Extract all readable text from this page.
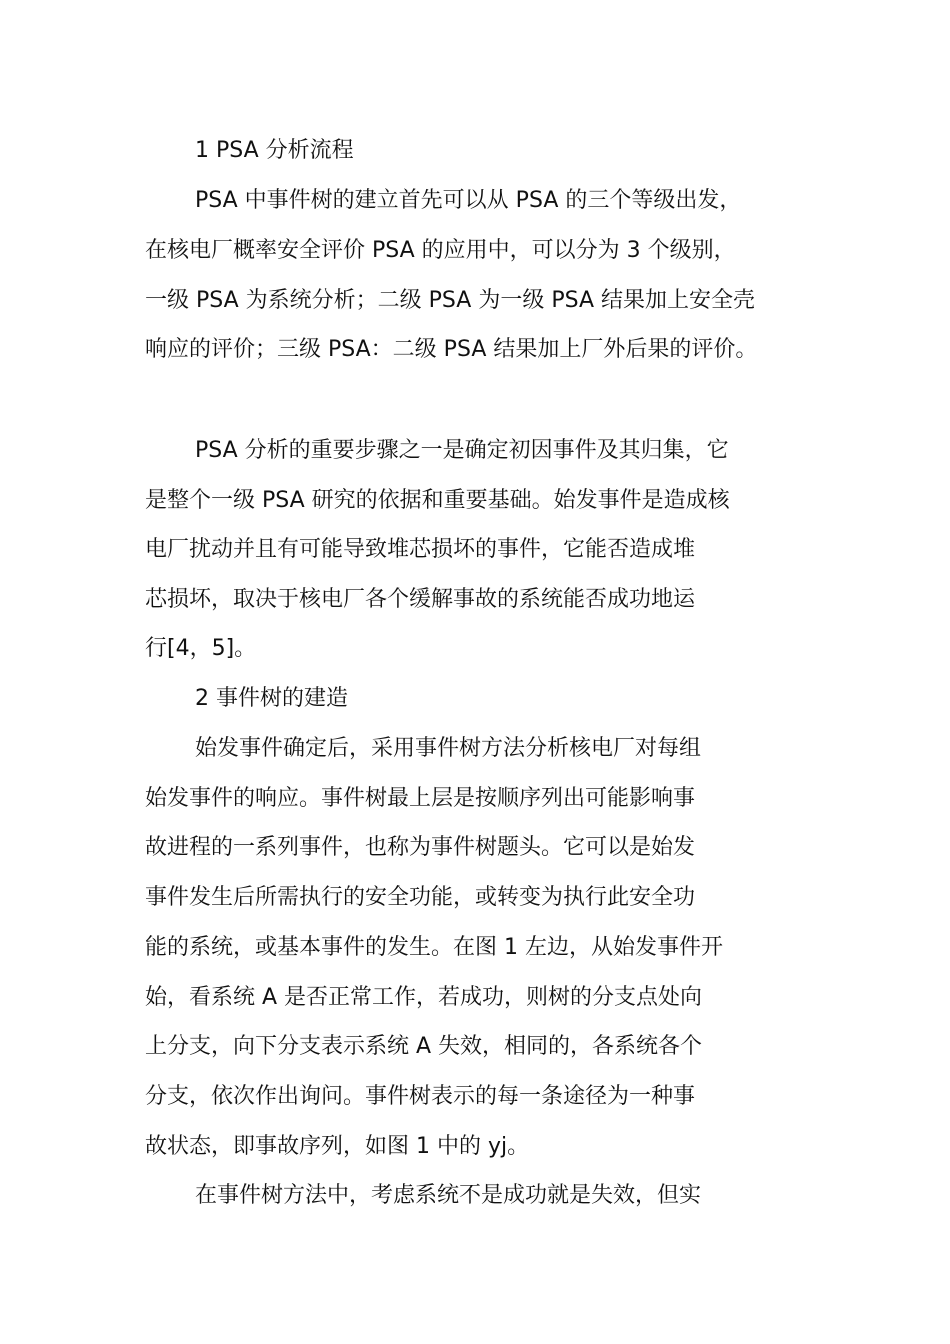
1 PSA 分析流程
PSA 中事件树的建立首先可以从 PSA 的三个等级出发，
在核电厂概率安全评价 PSA 的应用中，可以分为 3 个级别，
一级 PSA 为系统分析；二级 PSA 为一级 PSA 结果加上安全壳
响应的评价；三级 PSA：二级 PSA 结果加上厂外后果的评价。
PSA 分析的重要步骤之一是确定初因事件及其归集，它
是整个一级 PSA 研究的依据和重要基础。始发事件是造成核
电厂扰动并且有可能导致堆芯损坏的事件，它能否造成堆
芯损坏，取决于核电厂各个缓解事故的系统能否成功地运
行[4，5]。
2 事件树的建造
始发事件确定后，采用事件树方法分析核电厂对每组
始发事件的响应。事件树最上层是按顺序列出可能影响事
故进程的一系列事件，也称为事件树题头。它可以是始发
事件发生后所需执行的安全功能，或转变为执行此安全功
能的系统，或基本事件的发生。在图 1 左边，从始发事件开
始，看系统 A 是否正常工作，若成功，则树的分支点处向
上分支，向下分支表示系统 A 失效，相同的，各系统各个
分支，依次作出询问。事件树表示的每一条途径为一种事
故状态，即事故序列，如图 1 中的 yj。
在事件树方法中，考虑系统不是成功就是失效，但实
